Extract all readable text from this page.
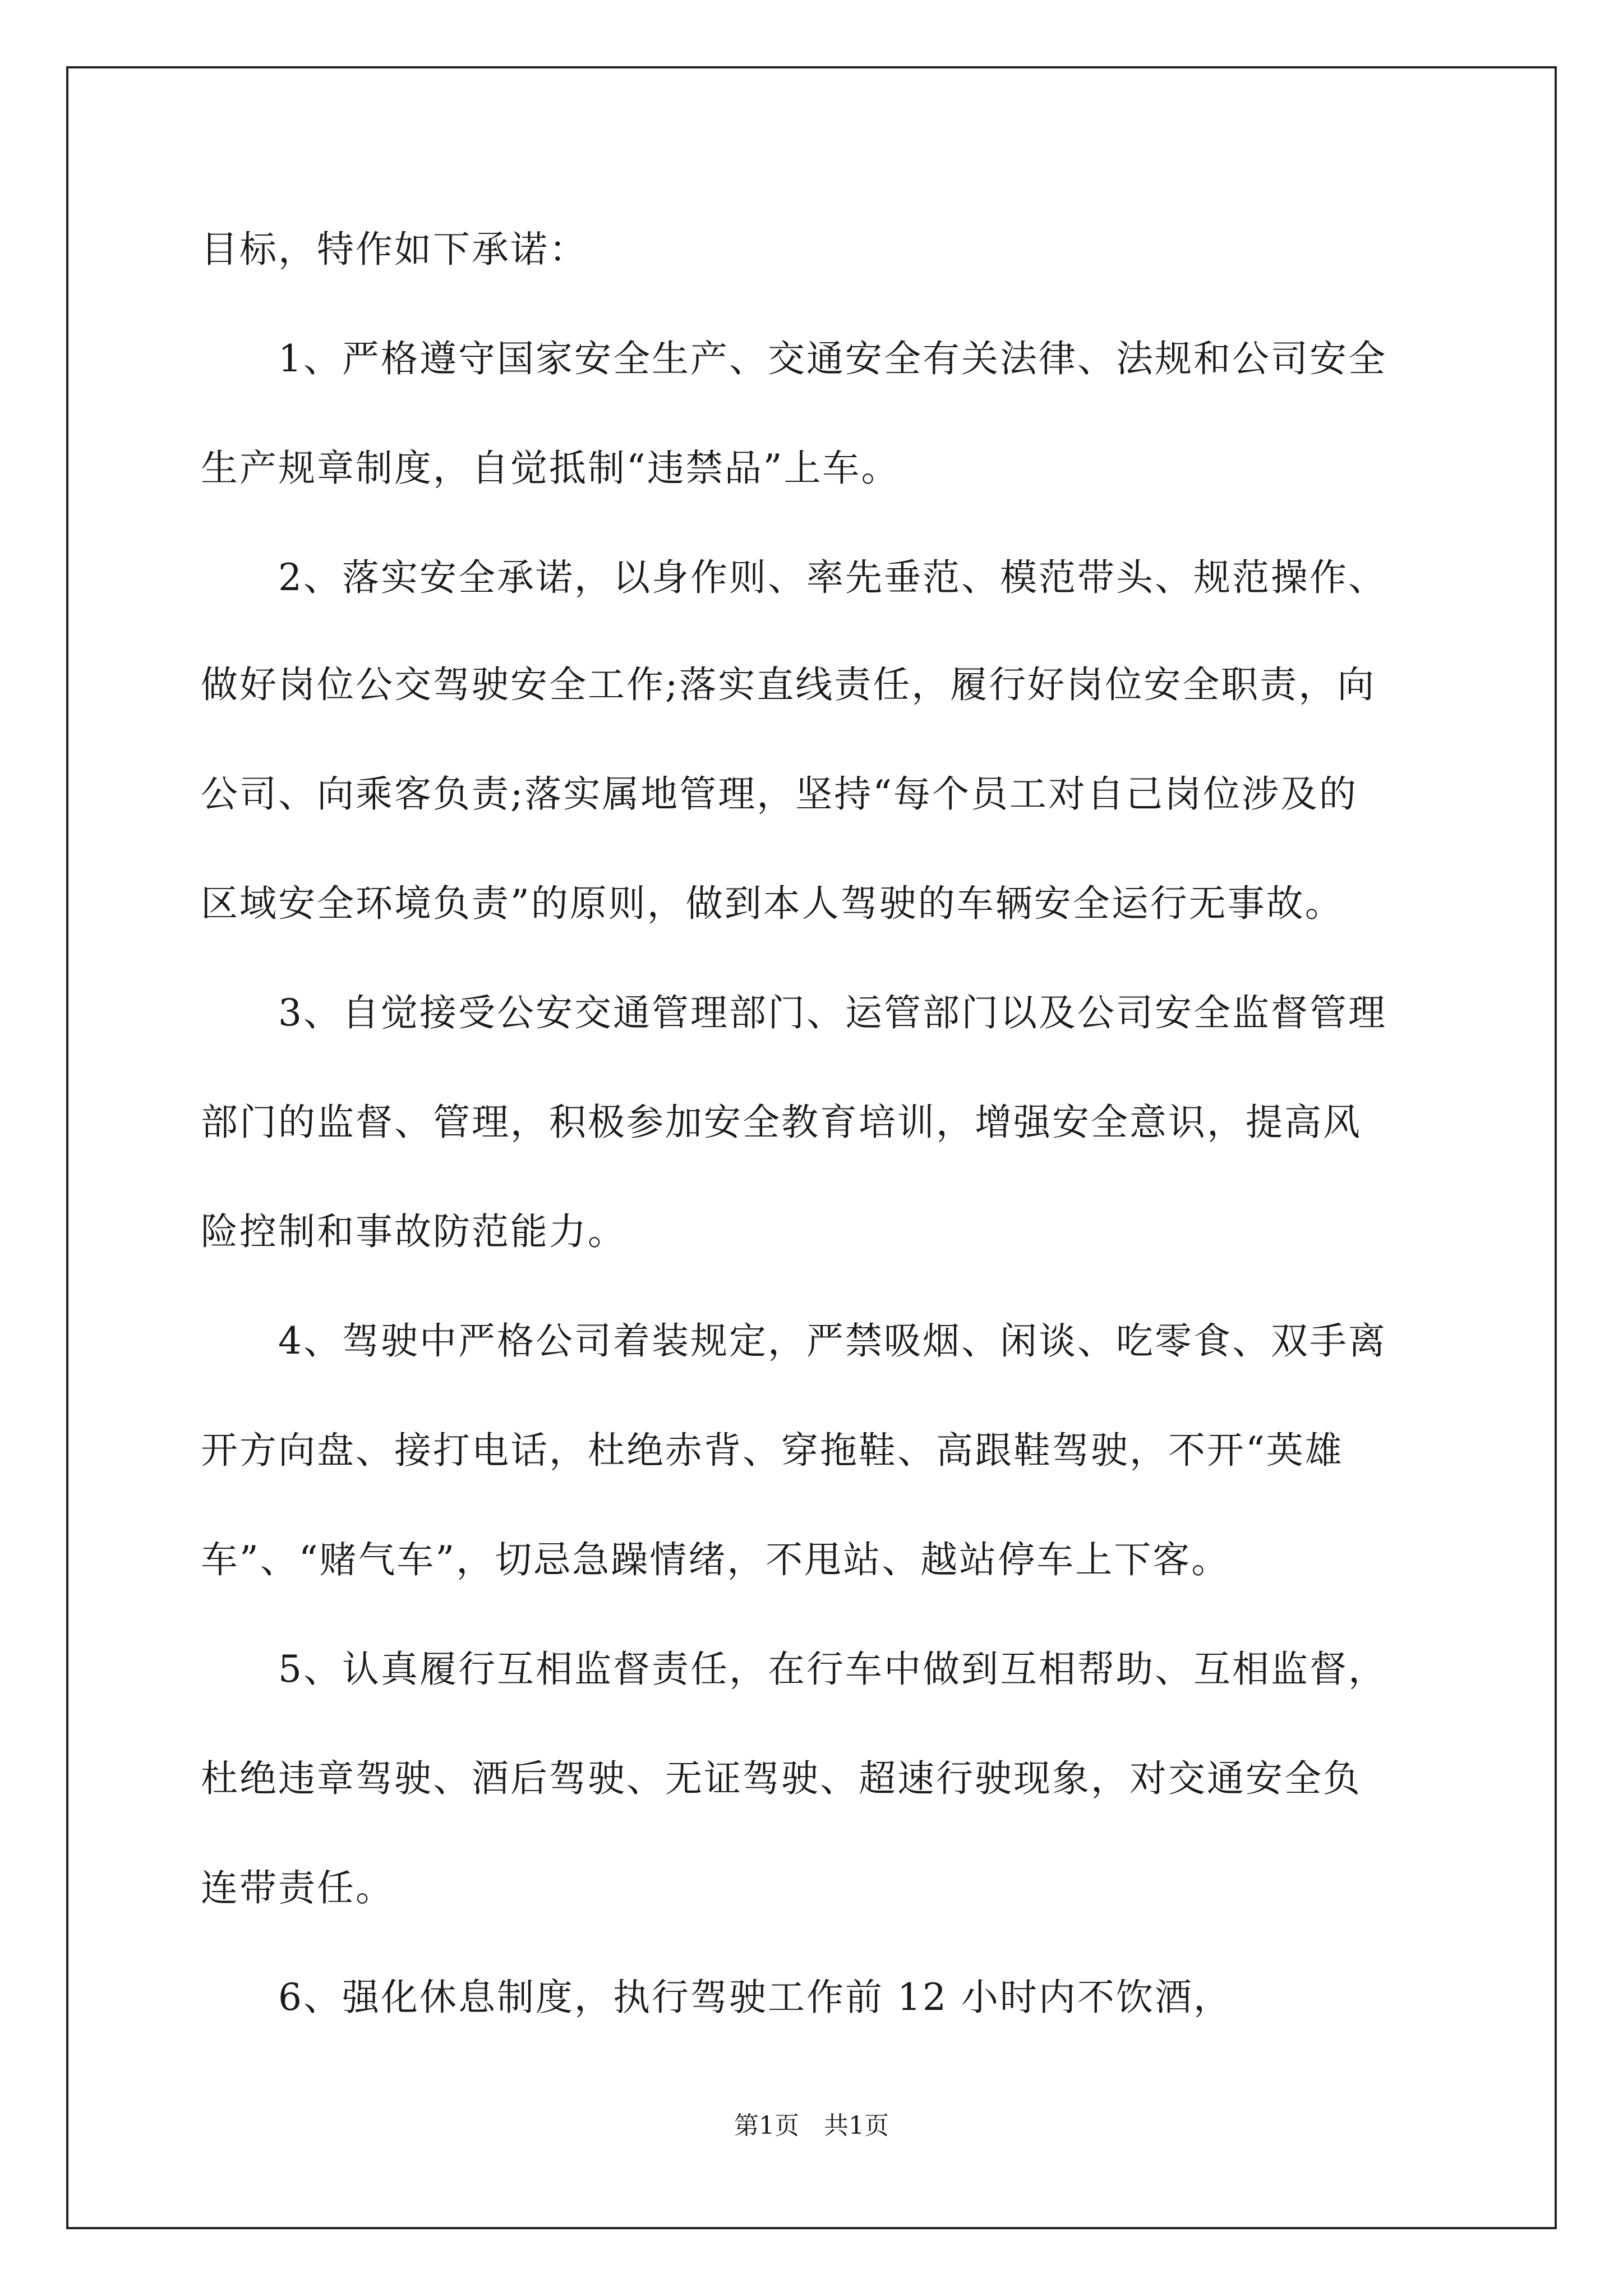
目标，特作如下承诺：

　　1、严格遵守国家安全生产、交通安全有关法律、法规和公司安全

生产规章制度，自觉抵制“违禁品”上车。

　　2、落实安全承诺，以身作则、率先垂范、模范带头、规范操作、

做好岗位公交驾驶安全工作;落实直线责任，履行好岗位安全职责，向

公司、向乘客负责;落实属地管理，坚持“每个员工对自己岗位涉及的

区域安全环境负责”的原则，做到本人驾驶的车辆安全运行无事故。

　　3、自觉接受公安交通管理部门、运管部门以及公司安全监督管理

部门的监督、管理，积极参加安全教育培训，增强安全意识，提高风

险控制和事故防范能力。

　　4、驾驶中严格公司着装规定，严禁吸烟、闲谈、吃零食、双手离

开方向盘、接打电话，杜绝赤背、穿拖鞋、高跟鞋驾驶，不开“英雄

车”、“赌气车”，切忌急躁情绪，不甩站、越站停车上下客。

　　5、认真履行互相监督责任，在行车中做到互相帮助、互相监督，

杜绝违章驾驶、酒后驾驶、无证驾驶、超速行驶现象，对交通安全负

连带责任。

　　6、强化休息制度，执行驾驶工作前 12 小时内不饮酒，

第1页　共1页
